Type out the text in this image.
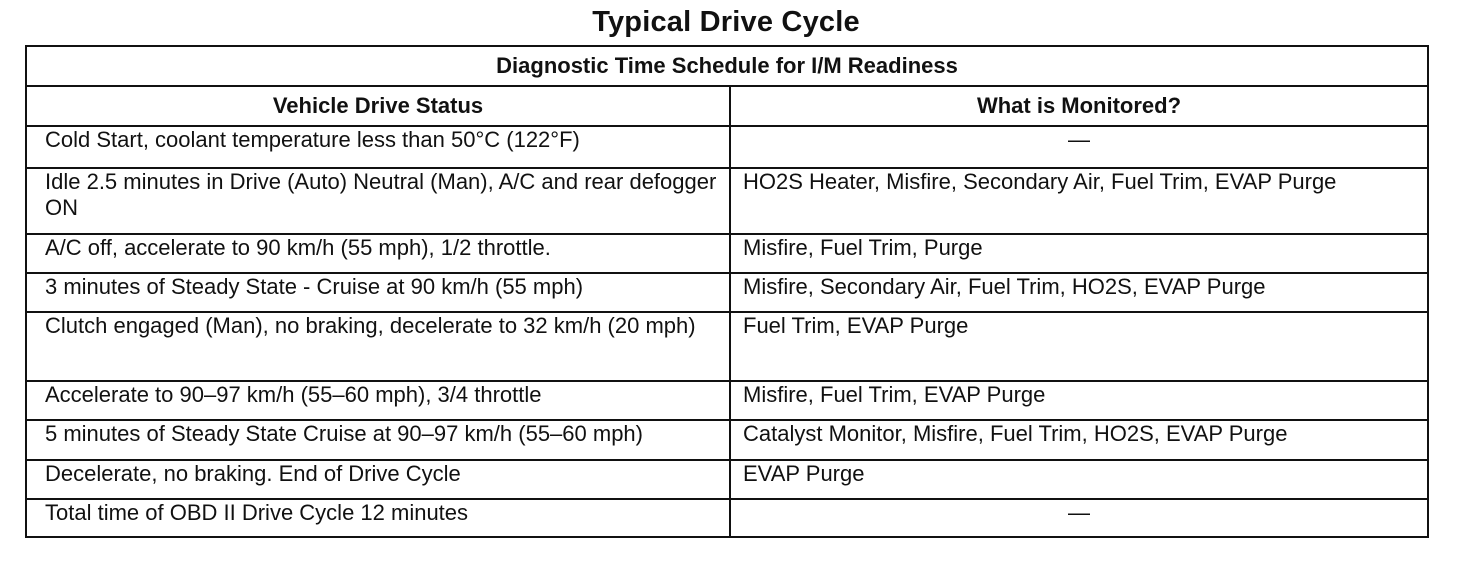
Typical Drive Cycle
Diagnostic Time Schedule for I/M Readiness	
Vehicle Drive Status	What is Monitored?
Cold Start, coolant temperature less than 50°C (122°F)	—
Idle 2.5 minutes in Drive (Auto) Neutral (Man), A/C and rear defogger ON	HO2S Heater, Misfire, Secondary Air, Fuel Trim, EVAP Purge
A/C off, accelerate to 90 km/h (55 mph), 1/2 throttle.	Misfire, Fuel Trim, Purge
3 minutes of Steady State - Cruise at 90 km/h (55 mph)	Misfire, Secondary Air, Fuel Trim, HO2S, EVAP Purge
Clutch engaged (Man), no braking, decelerate to 32 km/h (20 mph)	Fuel Trim, EVAP Purge
Accelerate to 90–97 km/h (55–60 mph), 3/4 throttle	Misfire, Fuel Trim, EVAP Purge
5 minutes of Steady State Cruise at 90–97 km/h (55–60 mph)	Catalyst Monitor, Misfire, Fuel Trim, HO2S, EVAP Purge
Decelerate, no braking. End of Drive Cycle	EVAP Purge
Total time of OBD II Drive Cycle 12 minutes	—
